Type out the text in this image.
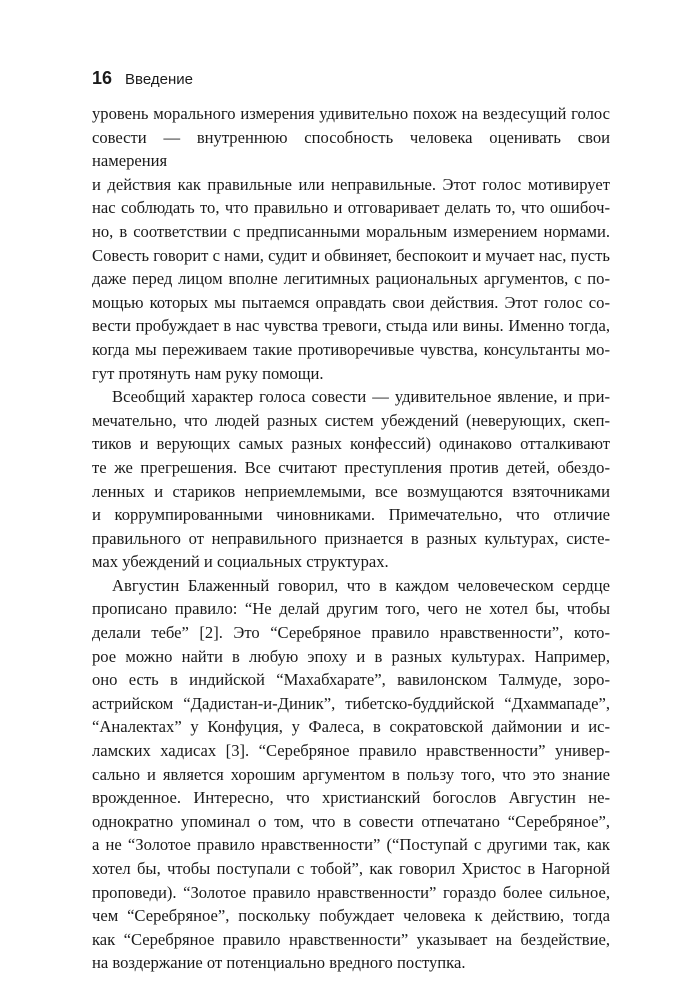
16 Введение

уровень морального измерения удивительно похож на вездесущий голос
совести — внутреннюю способность человека оценивать свои намерения
и действия как правильные или неправильные. Этот голос мотивирует
нас соблюдать то, что правильно и отговаривает делать то, что ошибоч-
но, в соответствии с предписанными моральным измерением нормами.
Совесть говорит с нами, судит и обвиняет, беспокоит и мучает нас, пусть
даже перед лицом вполне легитимных рациональных аргументов, с по-
мощью которых мы пытаемся оправдать свои действия. Этот голос со-
вести пробуждает в нас чувства тревоги, стыда или вины. Именно тогда,
когда мы переживаем такие противоречивые чувства, консультанты мо-
гут протянуть нам руку помощи.

Всеобщий характер голоса совести — удивительное явление, и при-
мечательно, что людей разных систем убеждений (неверующих, скеп-
тиков и верующих самых разных конфессий) одинаково отталкивают
те же прегрешения. Все считают преступления против детей, обездо-
ленных и стариков неприемлемыми, все возмущаются взяточниками
и коррумпированными чиновниками. Примечательно, что отличие
правильного от неправильного признается в разных культурах, систе-
мах убеждений и социальных структурах.

Августин Блаженный говорил, что в каждом человеческом сердце
прописано правило: “Не делай другим того, чего не хотел бы, чтобы
делали тебе” [2]. Это “Серебряное правило нравственности”, кото-
рое можно найти в любую эпоху и в разных культурах. Например,
оно есть в индийской “Махабхарате”, вавилонском Талмуде, зоро-
астрийском “Дадистан-и-Диник”, тибетско-буддийской “Дхаммападе”,
“Аналектах” у Конфуция, у Фалеса, в сократовской даймонии и ис-
ламских хадисах [3]. “Серебряное правило нравственности” универ-
сально и является хорошим аргументом в пользу того, что это знание
врожденное. Интересно, что христианский богослов Августин не-
однократно упоминал о том, что в совести отпечатано “Серебряное”,
а не “Золотое правило нравственности” (“Поступай с другими так, как
хотел бы, чтобы поступали с тобой”, как говорил Христос в Нагорной
проповеди). “Золотое правило нравственности” гораздо более сильное,
чем “Серебряное”, поскольку побуждает человека к действию, тогда
как “Серебряное правило нравственности” указывает на бездействие,
на воздержание от потенциально вредного поступка.
